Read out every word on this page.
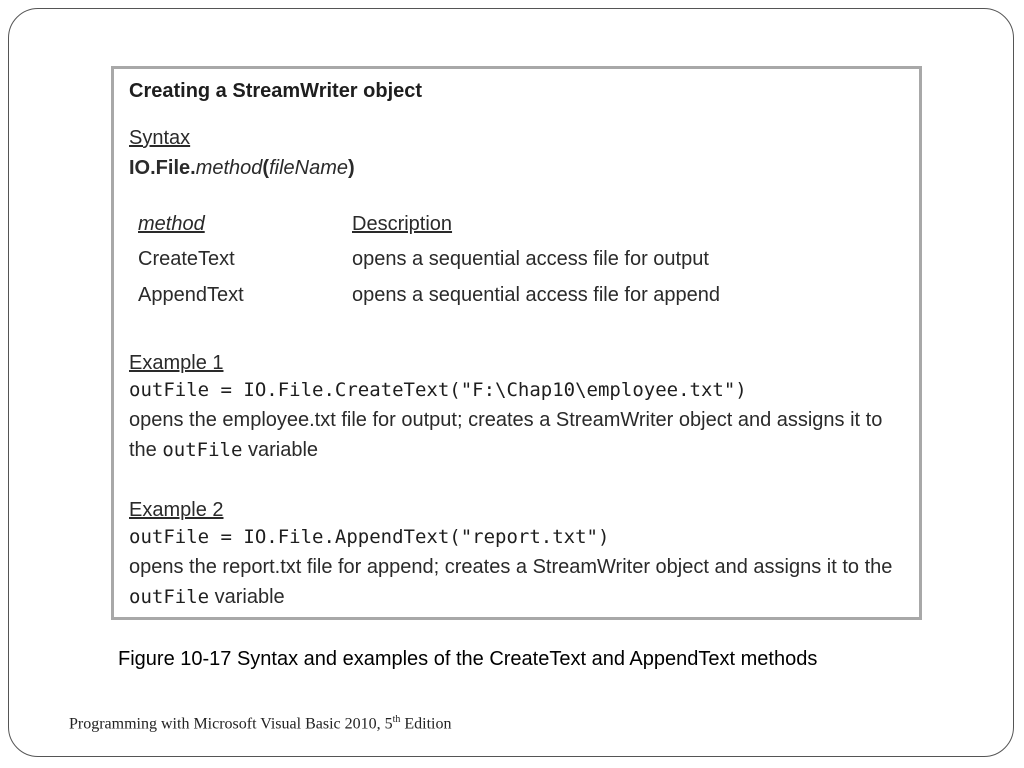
Creating a StreamWriter object
Syntax
IO.File.method(fileName)
method	Description
CreateText	opens a sequential access file for output
AppendText	opens a sequential access file for append
Example 1
outFile = IO.File.CreateText("F:\Chap10\employee.txt")
opens the employee.txt file for output; creates a StreamWriter object and assigns it to
the outFile variable
Example 2
outFile = IO.File.AppendText("report.txt")
opens the report.txt file for append; creates a StreamWriter object and assigns it to the
outFile variable
Figure 10-17 Syntax and examples of the CreateText and AppendText methods
Programming with Microsoft Visual Basic 2010, 5th Edition
